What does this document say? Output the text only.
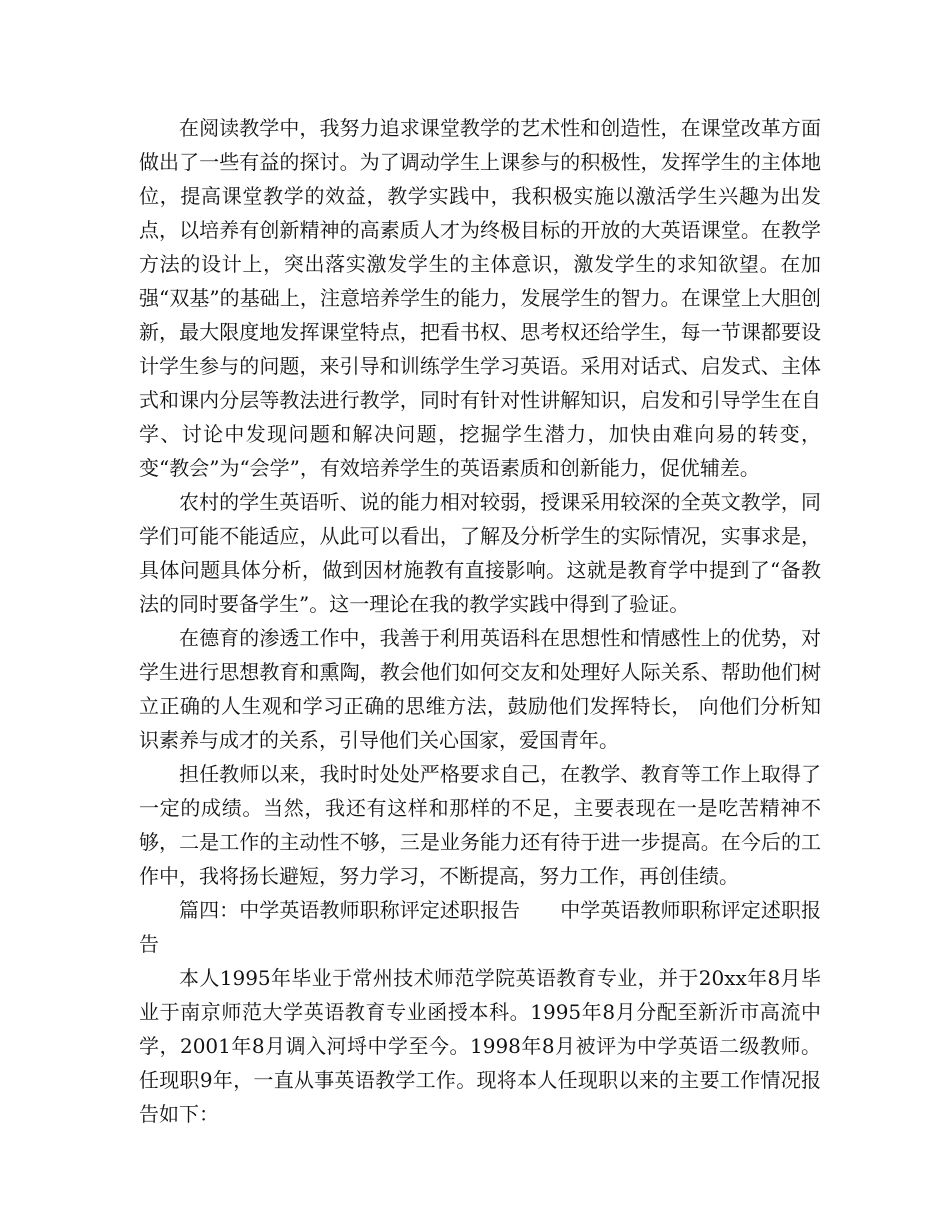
在阅读教学中，我努力追求课堂教学的艺术性和创造性，在课堂改革方面做出了一些有益的探讨。为了调动学生上课参与的积极性，发挥学生的主体地位，提高课堂教学的效益，教学实践中，我积极实施以激活学生兴趣为出发点，以培养有创新精神的高素质人才为终极目标的开放的大英语课堂。在教学方法的设计上，突出落实激发学生的主体意识，激发学生的求知欲望。在加强“双基”的基础上，注意培养学生的能力，发展学生的智力。在课堂上大胆创新，最大限度地发挥课堂特点，把看书权、思考权还给学生，每一节课都要设计学生参与的问题，来引导和训练学生学习英语。采用对话式、启发式、主体式和课内分层等教法进行教学，同时有针对性讲解知识，启发和引导学生在自学、讨论中发现问题和解决问题，挖掘学生潜力，加快由难向易的转变，变“教会”为“会学”，有效培养学生的英语素质和创新能力，促优辅差。

农村的学生英语听、说的能力相对较弱，授课采用较深的全英文教学，同学们可能不能适应，从此可以看出，了解及分析学生的实际情况，实事求是，具体问题具体分析，做到因材施教有直接影响。这就是教育学中提到了“备教法的同时要备学生”。这一理论在我的教学实践中得到了验证。

在德育的渗透工作中，我善于利用英语科在思想性和情感性上的优势，对学生进行思想教育和熏陶，教会他们如何交友和处理好人际关系、帮助他们树立正确的人生观和学习正确的思维方法，鼓励他们发挥特长， 向他们分析知识素养与成才的关系，引导他们关心国家，爱国青年。

担任教师以来，我时时处处严格要求自己，在教学、教育等工作上取得了一定的成绩。当然，我还有这样和那样的不足，主要表现在一是吃苦精神不够，二是工作的主动性不够，三是业务能力还有待于进一步提高。在今后的工作中，我将扬长避短，努力学习，不断提高，努力工作，再创佳绩。

篇四：中学英语教师职称评定述职报告 中学英语教师职称评定述职报告

本人1995年毕业于常州技术师范学院英语教育专业，并于20xx年8月毕业于南京师范大学英语教育专业函授本科。1995年8月分配至新沂市高流中学，2001年8月调入河埒中学至今。1998年8月被评为中学英语二级教师。任现职9年，一直从事英语教学工作。现将本人任现职以来的主要工作情况报告如下：
